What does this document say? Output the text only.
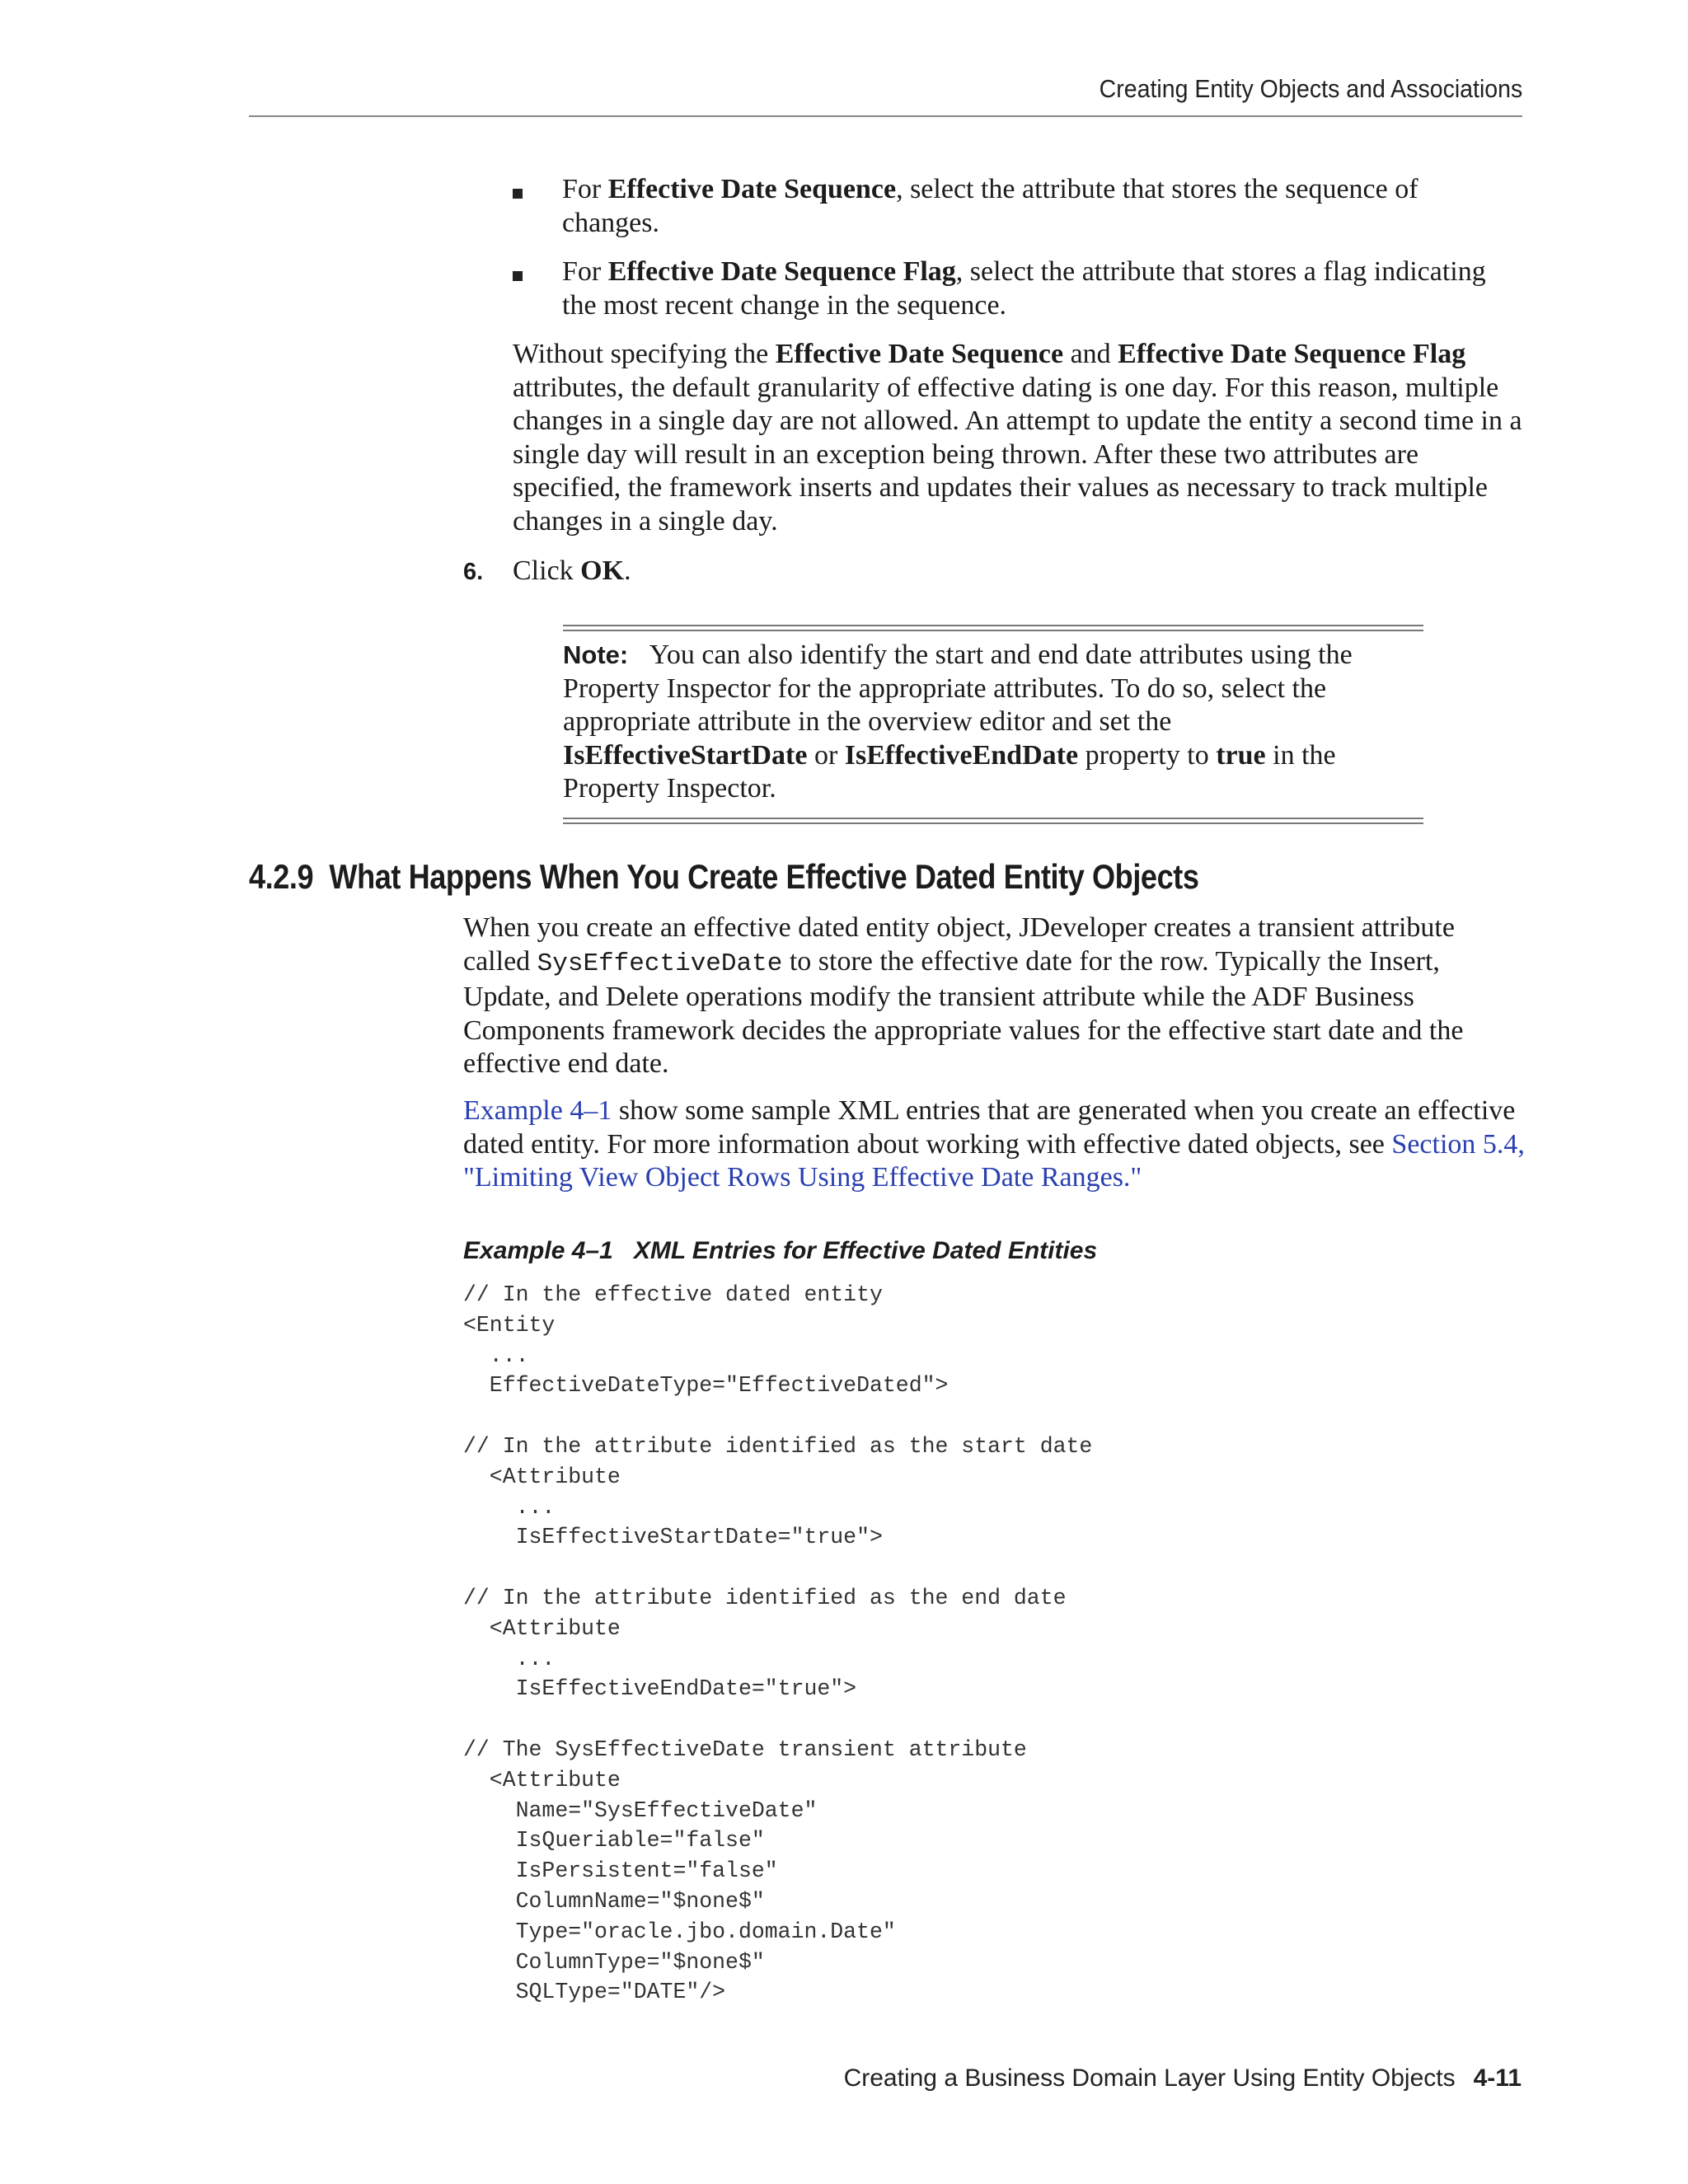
Creating Entity Objects and Associations
For Effective Date Sequence, select the attribute that stores the sequence of changes.
For Effective Date Sequence Flag, select the attribute that stores a flag indicating the most recent change in the sequence.
Without specifying the Effective Date Sequence and Effective Date Sequence Flag attributes, the default granularity of effective dating is one day. For this reason, multiple changes in a single day are not allowed. An attempt to update the entity a second time in a single day will result in an exception being thrown. After these two attributes are specified, the framework inserts and updates their values as necessary to track multiple changes in a single day.
6. Click OK.
Note: You can also identify the start and end date attributes using the Property Inspector for the appropriate attributes. To do so, select the appropriate attribute in the overview editor and set the IsEffectiveStartDate or IsEffectiveEndDate property to true in the Property Inspector.
4.2.9 What Happens When You Create Effective Dated Entity Objects
When you create an effective dated entity object, JDeveloper creates a transient attribute called SysEffectiveDate to store the effective date for the row. Typically the Insert, Update, and Delete operations modify the transient attribute while the ADF Business Components framework decides the appropriate values for the effective start date and the effective end date.
Example 4–1 show some sample XML entries that are generated when you create an effective dated entity. For more information about working with effective dated objects, see Section 5.4, "Limiting View Object Rows Using Effective Date Ranges."
Example 4–1 XML Entries for Effective Dated Entities
// In the effective dated entity
<Entity
...
EffectiveDateType="EffectiveDated">

// In the attribute identified as the start date
<Attribute
...
IsEffectiveStartDate="true">

// In the attribute identified as the end date
<Attribute
...
IsEffectiveEndDate="true">

// The SysEffectiveDate transient attribute
<Attribute
Name="SysEffectiveDate"
IsQueriable="false"
IsPersistent="false"
ColumnName="$none$"
Type="oracle.jbo.domain.Date"
ColumnType="$none$"
SQLType="DATE"/>
Creating a Business Domain Layer Using Entity Objects 4-11
